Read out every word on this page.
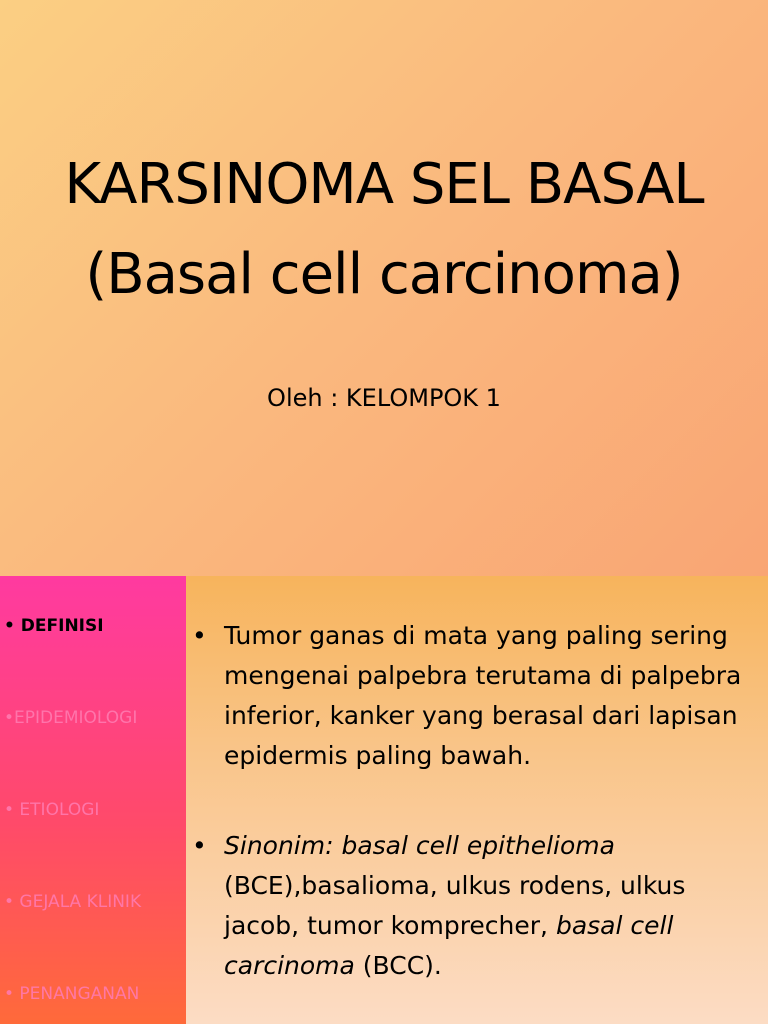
KARSINOMA SEL BASAL
(Basal cell carcinoma)
Oleh : KELOMPOK 1
• DEFINISI
•EPIDEMIOLOGI
• ETIOLOGI
• GEJALA KLINIK
• PENANGANAN
• Tumor ganas di mata yang paling sering mengenai palpebra terutama di palpebra inferior, kanker yang berasal dari lapisan epidermis paling bawah.
• Sinonim: basal cell epithelioma (BCE),basalioma, ulkus rodens, ulkus jacob, tumor komprecher, basal cell carcinoma (BCC).
